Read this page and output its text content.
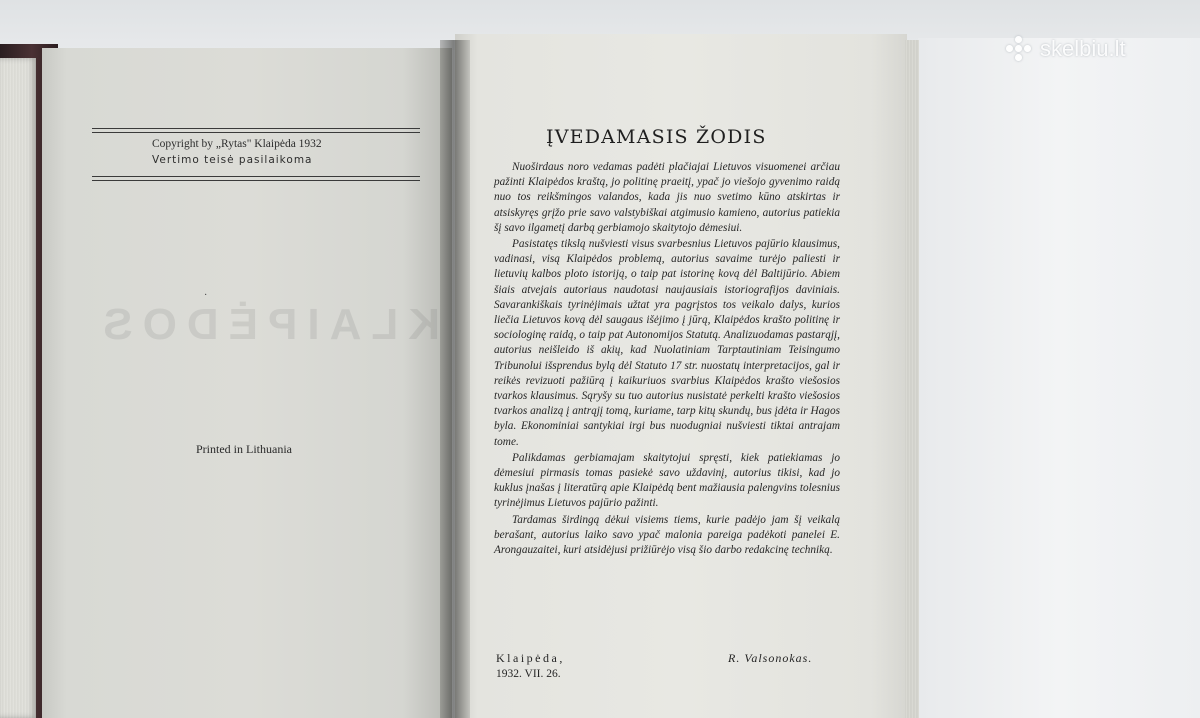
skelbiu.lt
KLAIPĖDOS
Copyright by „Rytas" Klaipėda 1932
Vertimo teisė pasilaikoma
·
Printed in Lithuania
ĮVEDAMASIS ŽODIS

Nuoširdaus noro vedamas padėti plačiajai Lietuvos visuomenei arčiau pažinti Klaipėdos kraštą, jo politinę praeitį, ypač jo viešojo gyvenimo raidą nuo tos reikšmingos valandos, kada jis nuo svetimo kūno atskirtas ir atsiskyręs grįžo prie savo valstybiškai atgimusio kamieno, autorius patiekia šį savo ilgametį darbą gerbiamojo skaitytojo dėmesiui.

Pasistatęs tikslą nušviesti visus svarbesnius Lietuvos pajūrio klausimus, vadinasi, visą Klaipėdos problemą, autorius savaime turėjo paliesti ir lietuvių kalbos ploto istoriją, o taip pat istorinę kovą dėl Baltijūrio. Abiem šiais atvejais autoriaus naudotasi naujausiais istoriografijos daviniais. Savarankiškais tyrinėjimais užtat yra pagrįstos tos veikalo dalys, kurios liečia Lietuvos kovą dėl saugaus išėjimo į jūrą, Klaipėdos krašto politinę ir sociologinę raidą, o taip pat Autonomijos Statutą. Analizuodamas pastarąjį, autorius neišleido iš akių, kad Nuolatiniam Tarptautiniam Teisingumo Tribunolui išsprendus bylą dėl Statuto 17 str. nuostatų interpretacijos, gal ir reikės revizuoti pažiūrą į kaikuriuos svarbius Klaipėdos krašto viešosios tvarkos klausimus. Sąryšy su tuo autorius nusistatė perkelti krašto viešosios tvarkos analizą į antrąjį tomą, kuriame, tarp kitų skundų, bus įdėta ir Hagos byla. Ekonominiai santykiai irgi bus nuodugniai nušviesti tiktai antrajam tome.

Palikdamas gerbiamajam skaitytojui spręsti, kiek patiekiamas jo dėmesiui pirmasis tomas pasiekė savo uždavinį, autorius tikisi, kad jo kuklus įnašas į literatūrą apie Klaipėdą bent mažiausia palengvins tolesnius tyrinėjimus Lietuvos pajūrio pažinti.

Tardamas širdingą dėkui visiems tiems, kurie padėjo jam šį veikalą berašant, autorius laiko savo ypač malonia pareiga padėkoti panelei E. Arongauzaitei, kuri atsidėjusi prižiūrėjo visą šio darbo redakcinę techniką.

Klaipėda,
1932. VII. 26.
R. Valsonokas.
